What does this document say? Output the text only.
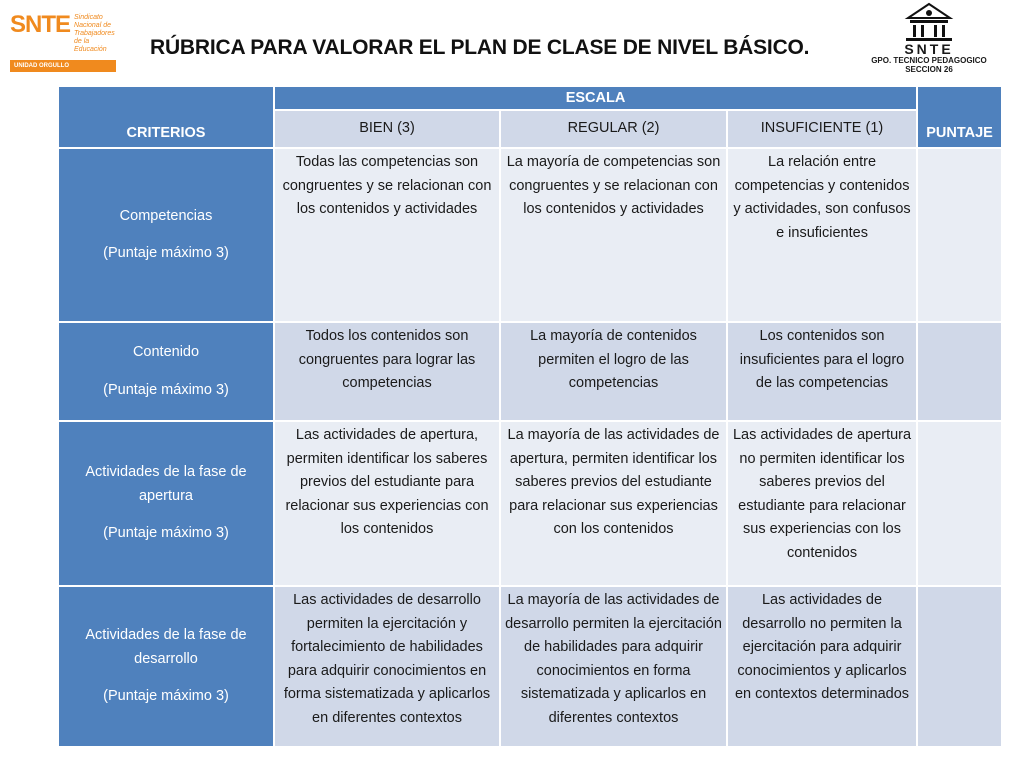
SNTE Sindicato
Nacional de
Trabajadores de la
Educación
UNIDAD ORGULLO COMPROMISO
RÚBRICA PARA VALORAR EL PLAN DE CLASE DE NIVEL BÁSICO.	SNTE
GPO. TECNICO PEDAGOGICO
SECCION 26
CRITERIOS	ESCALA			PUNTAJE
	BIEN (3)	REGULAR (2)	INSUFICIENTE (1)	

Competencias
(Puntaje máximo 3)	Todas las competencias son congruentes y se relacionan con los contenidos y actividades	La mayoría de competencias son congruentes y se relacionan con los contenidos y actividades	La relación entre competencias y contenidos y actividades, son confusos e insuficientes	

Contenido
(Puntaje máximo 3)	Todos los contenidos son congruentes para lograr las competencias	La mayoría de contenidos permiten el logro de las competencias	Los contenidos son insuficientes para el logro de las competencias	

Actividades de la fase de apertura
(Puntaje máximo 3)	Las actividades de apertura, permiten identificar los saberes previos del estudiante para relacionar sus experiencias con los contenidos	La mayoría de las actividades de apertura, permiten identificar los saberes previos del estudiante para relacionar sus experiencias con los contenidos	Las actividades de apertura no permiten identificar los saberes previos del estudiante para relacionar sus experiencias con los contenidos	

Actividades de la fase de desarrollo
(Puntaje máximo 3)	Las actividades de desarrollo permiten la ejercitación y fortalecimiento de habilidades para adquirir conocimientos en forma sistematizada y aplicarlos en diferentes contextos	La mayoría de las actividades de desarrollo permiten la ejercitación de habilidades para adquirir conocimientos en forma sistematizada y aplicarlos en diferentes contextos	Las actividades de desarrollo no permiten la ejercitación para adquirir conocimientos y aplicarlos en contextos determinados	
